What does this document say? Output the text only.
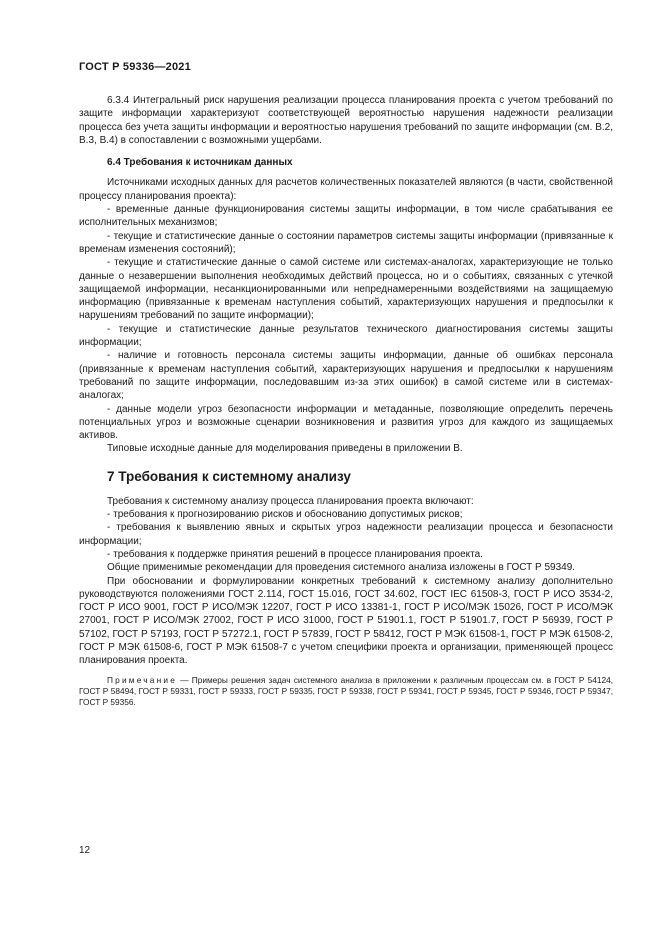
ГОСТ Р 59336—2021

6.3.4 Интегральный риск нарушения реализации процесса планирования проекта с учетом требований по защите информации характеризуют соответствующей вероятностью нарушения надежности реализации процесса без учета защиты информации и вероятностью нарушения требований по защите информации (см. В.2, В.3, В.4) в сопоставлении с возможными ущербами.

6.4 Требования к источникам данных

Источниками исходных данных для расчетов количественных показателей являются (в части, свойственной процессу планирования проекта):

- временные данные функционирования системы защиты информации, в том числе срабатывания ее исполнительных механизмов;

- текущие и статистические данные о состоянии параметров системы защиты информации (привязанные к временам изменения состояний);

- текущие и статистические данные о самой системе или системах-аналогах, характеризующие не только данные о незавершении выполнения необходимых действий процесса, но и о событиях, связанных с утечкой защищаемой информации, несанкционированными или непреднамеренными воздействиями на защищаемую информацию (привязанные к временам наступления событий, характеризующих нарушения и предпосылки к нарушениям требований по защите информации);

- текущие и статистические данные результатов технического диагностирования системы защиты информации;

- наличие и готовность персонала системы защиты информации, данные об ошибках персонала (привязанные к временам наступления событий, характеризующих нарушения и предпосылки к нарушениям требований по защите информации, последовавшим из-за этих ошибок) в самой системе или в системах-аналогах;

- данные модели угроз безопасности информации и метаданные, позволяющие определить перечень потенциальных угроз и возможные сценарии возникновения и развития угроз для каждого из защищаемых активов.

Типовые исходные данные для моделирования приведены в приложении В.

7 Требования к системному анализу

Требования к системному анализу процесса планирования проекта включают:

- требования к прогнозированию рисков и обоснованию допустимых рисков;

- требования к выявлению явных и скрытых угроз надежности реализации процесса и безопасности информации;

- требования к поддержке принятия решений в процессе планирования проекта.

Общие применимые рекомендации для проведения системного анализа изложены в ГОСТ Р 59349.

При обосновании и формулировании конкретных требований к системному анализу дополнительно руководствуются положениями ГОСТ 2.114, ГОСТ 15.016, ГОСТ 34.602, ГОСТ IEC 61508-3, ГОСТ Р ИСО 3534-2, ГОСТ Р ИСО 9001, ГОСТ Р ИСО/МЭК 12207, ГОСТ Р ИСО 13381-1, ГОСТ Р ИСО/МЭК 15026, ГОСТ Р ИСО/МЭК 27001, ГОСТ Р ИСО/МЭК 27002, ГОСТ Р ИСО 31000, ГОСТ Р 51901.1, ГОСТ Р 51901.7, ГОСТ Р 56939, ГОСТ Р 57102, ГОСТ Р 57193, ГОСТ Р 57272.1, ГОСТ Р 57839, ГОСТ Р 58412, ГОСТ Р МЭК 61508-1, ГОСТ Р МЭК 61508-2, ГОСТ Р МЭК 61508-6, ГОСТ Р МЭК 61508-7 с учетом специфики проекта и организации, применяющей процесс планирования проекта.

Примечание — Примеры решения задач системного анализа в приложении к различным процессам см. в ГОСТ Р 54124, ГОСТ Р 58494, ГОСТ Р 59331, ГОСТ Р 59333, ГОСТ Р 59335, ГОСТ Р 59338, ГОСТ Р 59341, ГОСТ Р 59345, ГОСТ Р 59346, ГОСТ Р 59347, ГОСТ Р 59356.

12
